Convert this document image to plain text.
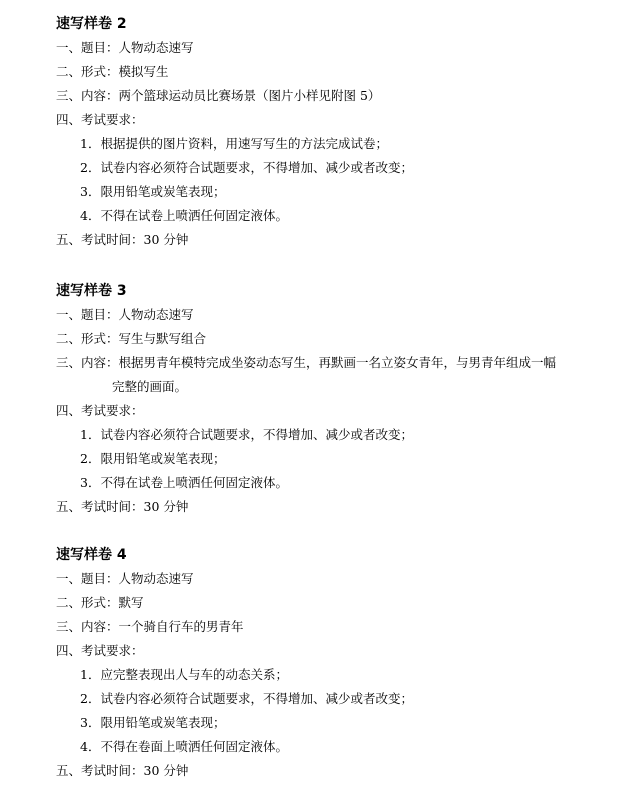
速写样卷 2
一、题目：人物动态速写
二、形式：模拟写生
三、内容：两个篮球运动员比赛场景（图片小样见附图 5）
四、考试要求：
1．根据提供的图片资料，用速写写生的方法完成试卷；
2．试卷内容必须符合试题要求，不得增加、减少或者改变；
3．限用铅笔或炭笔表现；
4．不得在试卷上喷洒任何固定液体。
五、考试时间：30 分钟
速写样卷 3
一、题目：人物动态速写
二、形式：写生与默写组合
三、内容：根据男青年模特完成坐姿动态写生，再默画一名立姿女青年，与男青年组成一幅
完整的画面。
四、考试要求：
1．试卷内容必须符合试题要求，不得增加、减少或者改变；
2．限用铅笔或炭笔表现；
3．不得在试卷上喷洒任何固定液体。
五、考试时间：30 分钟
速写样卷 4
一、题目：人物动态速写
二、形式：默写
三、内容：一个骑自行车的男青年
四、考试要求：
1．应完整表现出人与车的动态关系；
2．试卷内容必须符合试题要求，不得增加、减少或者改变；
3．限用铅笔或炭笔表现；
4．不得在卷面上喷洒任何固定液体。
五、考试时间：30 分钟
